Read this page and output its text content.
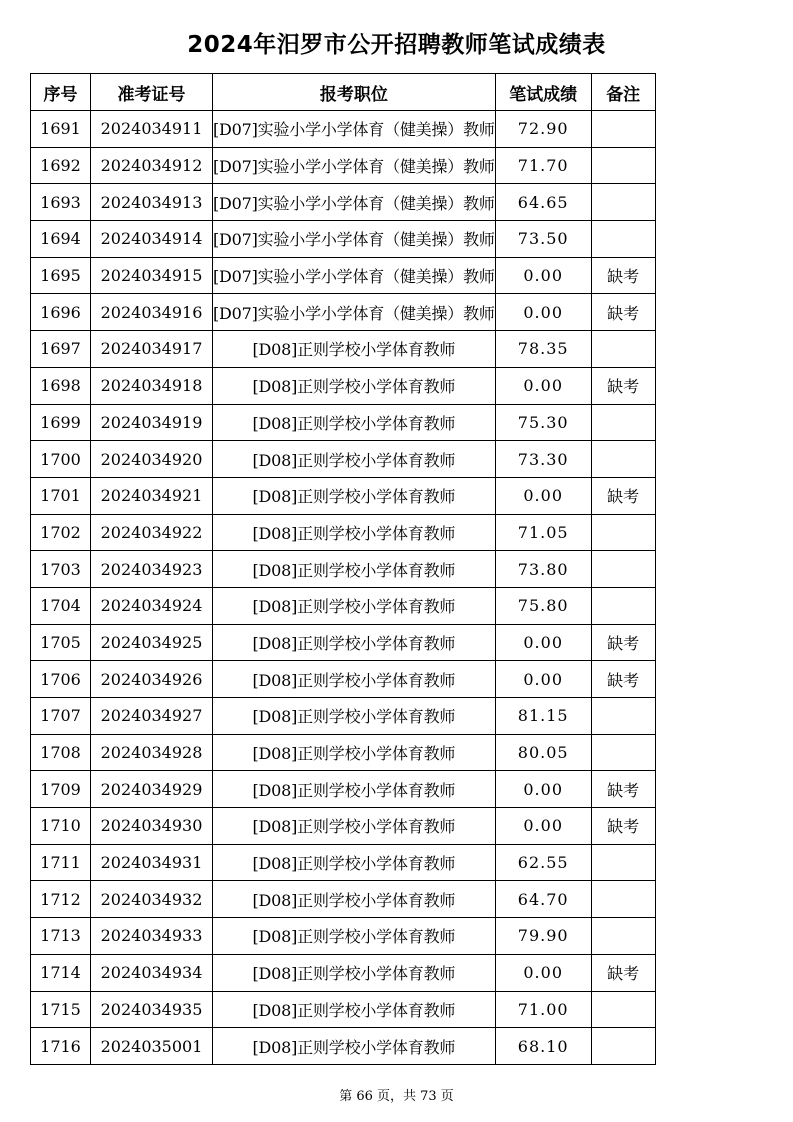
2024年汨罗市公开招聘教师笔试成绩表
序号	准考证号	报考职位	笔试成绩	备注
1691	2024034911	[D07]实验小学小学体育（健美操）教师	72.90	
1692	2024034912	[D07]实验小学小学体育（健美操）教师	71.70	
1693	2024034913	[D07]实验小学小学体育（健美操）教师	64.65	
1694	2024034914	[D07]实验小学小学体育（健美操）教师	73.50	
1695	2024034915	[D07]实验小学小学体育（健美操）教师	0.00	缺考
1696	2024034916	[D07]实验小学小学体育（健美操）教师	0.00	缺考
1697	2024034917	[D08]正则学校小学体育教师	78.35	
1698	2024034918	[D08]正则学校小学体育教师	0.00	缺考
1699	2024034919	[D08]正则学校小学体育教师	75.30	
1700	2024034920	[D08]正则学校小学体育教师	73.30	
1701	2024034921	[D08]正则学校小学体育教师	0.00	缺考
1702	2024034922	[D08]正则学校小学体育教师	71.05	
1703	2024034923	[D08]正则学校小学体育教师	73.80	
1704	2024034924	[D08]正则学校小学体育教师	75.80	
1705	2024034925	[D08]正则学校小学体育教师	0.00	缺考
1706	2024034926	[D08]正则学校小学体育教师	0.00	缺考
1707	2024034927	[D08]正则学校小学体育教师	81.15	
1708	2024034928	[D08]正则学校小学体育教师	80.05	
1709	2024034929	[D08]正则学校小学体育教师	0.00	缺考
1710	2024034930	[D08]正则学校小学体育教师	0.00	缺考
1711	2024034931	[D08]正则学校小学体育教师	62.55	
1712	2024034932	[D08]正则学校小学体育教师	64.70	
1713	2024034933	[D08]正则学校小学体育教师	79.90	
1714	2024034934	[D08]正则学校小学体育教师	0.00	缺考
1715	2024034935	[D08]正则学校小学体育教师	71.00	
1716	2024035001	[D08]正则学校小学体育教师	68.10	
第 66 页，共 73 页
